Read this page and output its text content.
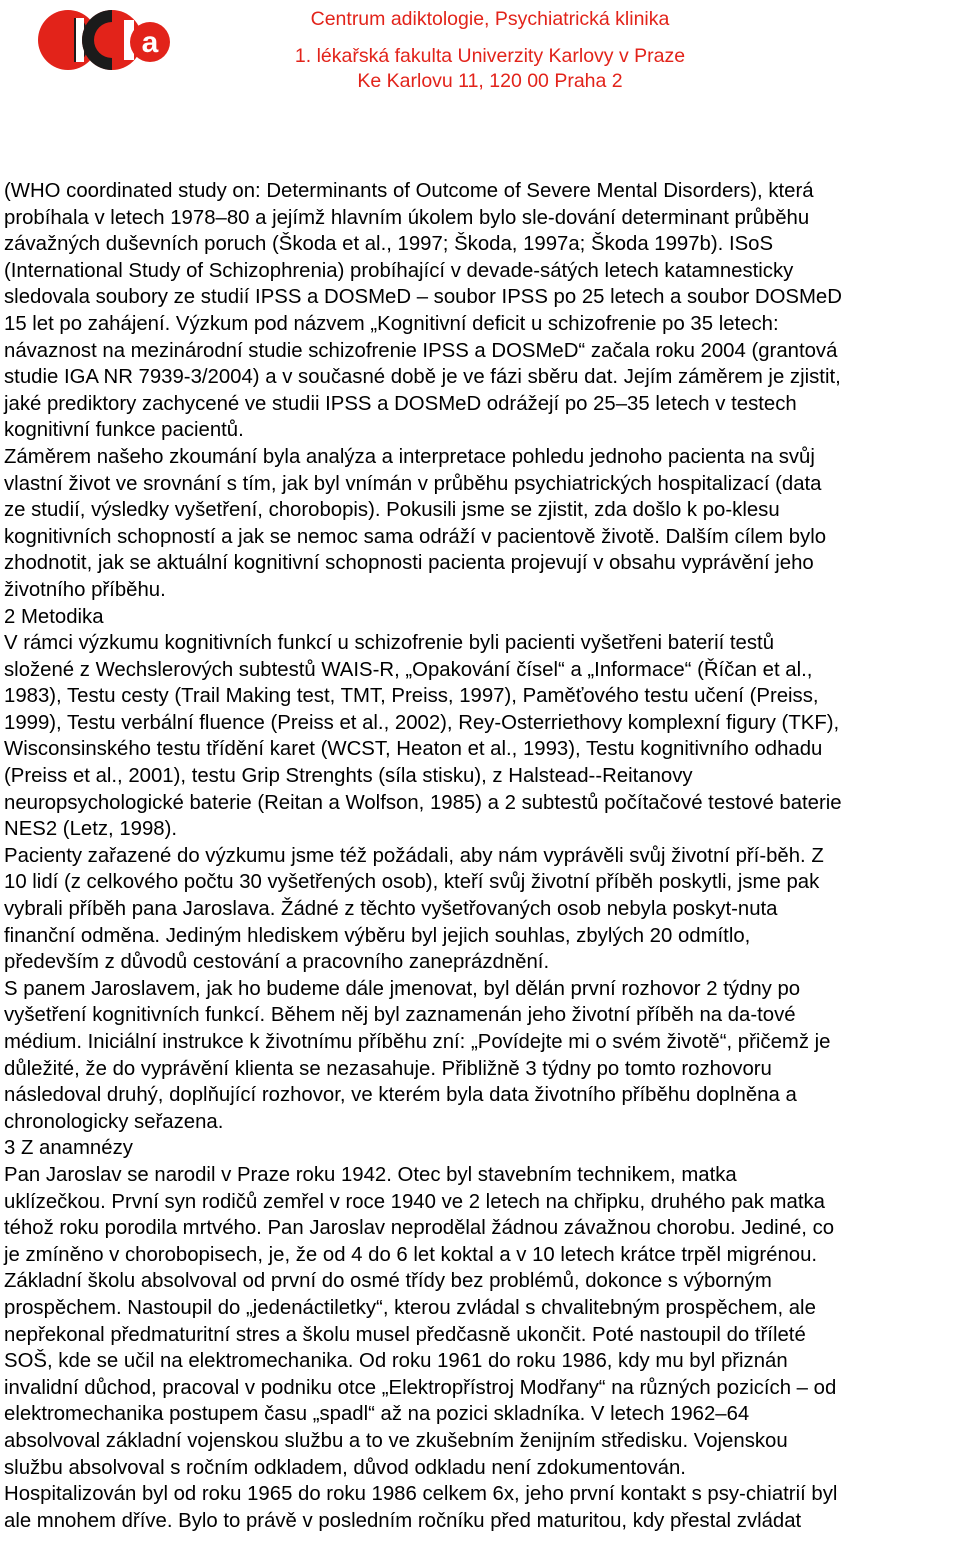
a
Centrum adiktologie, Psychiatrická klinika
1. lékařská fakulta Univerzity Karlovy v Praze
Ke Karlovu 11, 120 00 Praha 2
(WHO coordinated study on: Determinants of Outcome of Severe Mental Disorders), která
probíhala v letech 1978–80 a jejímž hlavním úkolem bylo sle-dování determinant průběhu
závažných duševních poruch (Škoda et al., 1997; Škoda, 1997a; Škoda 1997b). ISoS
(International Study of Schizophrenia) probíhající v devade-sátých letech katamnesticky
sledovala soubory ze studií IPSS a DOSMeD – soubor IPSS po 25 letech a soubor DOSMeD
15 let po zahájení. Výzkum pod názvem „Kognitivní deficit u schizofrenie po 35 letech:
návaznost na mezinárodní studie schizofrenie IPSS a DOSMeD“ začala roku 2004 (grantová
studie IGA NR 7939-3/2004) a v současné době je ve fázi sběru dat. Jejím záměrem je zjistit,
jaké prediktory zachycené ve studii IPSS a DOSMeD odrážejí po 25–35 letech v testech
kognitivní funkce pacientů.
Záměrem našeho zkoumání byla analýza a interpretace pohledu jednoho pacienta na svůj
vlastní život ve srovnání s tím, jak byl vnímán v průběhu psychiatrických hospitalizací (data
ze studií, výsledky vyšetření, chorobopis). Pokusili jsme se zjistit, zda došlo k po-klesu
kognitivních schopností a jak se nemoc sama odráží v pacientově životě. Dalším cílem bylo
zhodnotit, jak se aktuální kognitivní schopnosti pacienta projevují v obsahu vyprávění jeho
životního příběhu.
2 Metodika
V rámci výzkumu kognitivních funkcí u schizofrenie byli pacienti vyšetřeni baterií testů
složené z Wechslerových subtestů WAIS-R, „Opakování čísel“ a „Informace“ (Říčan et al.,
1983), Testu cesty (Trail Making test, TMT, Preiss, 1997), Paměťového testu učení (Preiss,
1999), Testu verbální fluence (Preiss et al., 2002), Rey-Osterriethovy komplexní figury (TKF),
Wisconsinského testu třídění karet (WCST, Heaton et al., 1993), Testu kognitivního odhadu
(Preiss et al., 2001), testu Grip Strenghts (síla stisku), z Halstead--Reitanovy
neuropsychologické baterie (Reitan a Wolfson, 1985) a 2 subtestů počítačové testové baterie
NES2 (Letz, 1998).
Pacienty zařazené do výzkumu jsme též požádali, aby nám vyprávěli svůj životní pří-běh. Z
10 lidí (z celkového počtu 30 vyšetřených osob), kteří svůj životní příběh poskytli, jsme pak
vybrali příběh pana Jaroslava. Žádné z těchto vyšetřovaných osob nebyla poskyt-nuta
finanční odměna. Jediným hlediskem výběru byl jejich souhlas, zbylých 20 odmítlo,
především z důvodů cestování a pracovního zaneprázdnění.
S panem Jaroslavem, jak ho budeme dále jmenovat, byl dělán první rozhovor 2 týdny po
vyšetření kognitivních funkcí. Během něj byl zaznamenán jeho životní příběh na da-tové
médium. Iniciální instrukce k životnímu příběhu zní: „Povídejte mi o svém životě“, přičemž je
důležité, že do vyprávění klienta se nezasahuje. Přibližně 3 týdny po tomto rozhovoru
následoval druhý, doplňující rozhovor, ve kterém byla data životního příběhu doplněna a
chronologicky seřazena.
3 Z anamnézy
Pan Jaroslav se narodil v Praze roku 1942. Otec byl stavebním technikem, matka
uklízečkou. První syn rodičů zemřel v roce 1940 ve 2 letech na chřipku, druhého pak matka
téhož roku porodila mrtvého. Pan Jaroslav neprodělal žádnou závažnou chorobu. Jediné, co
je zmíněno v chorobopisech, je, že od 4 do 6 let koktal a v 10 letech krátce trpěl migrénou.
Základní školu absolvoval od první do osmé třídy bez problémů, dokonce s výborným
prospěchem. Nastoupil do „jedenáctiletky“, kterou zvládal s chvalitebným prospěchem, ale
nepřekonal předmaturitní stres a školu musel předčasně ukončit. Poté nastoupil do tříleté
SOŠ, kde se učil na elektromechanika. Od roku 1961 do roku 1986, kdy mu byl přiznán
invalidní důchod, pracoval v podniku otce „Elektropřístroj Modřany“ na různých pozicích – od
elektromechanika postupem času „spadl“ až na pozici skladníka. V letech 1962–64
absolvoval základní vojenskou službu a to ve zkušebním ženijním středisku. Vojenskou
službu absolvoval s ročním odkladem, důvod odkladu není zdokumentován.
Hospitalizován byl od roku 1965 do roku 1986 celkem 6x, jeho první kontakt s psy-chiatrií byl
ale mnohem dříve. Bylo to právě v posledním ročníku před maturitou, kdy přestal zvládat
